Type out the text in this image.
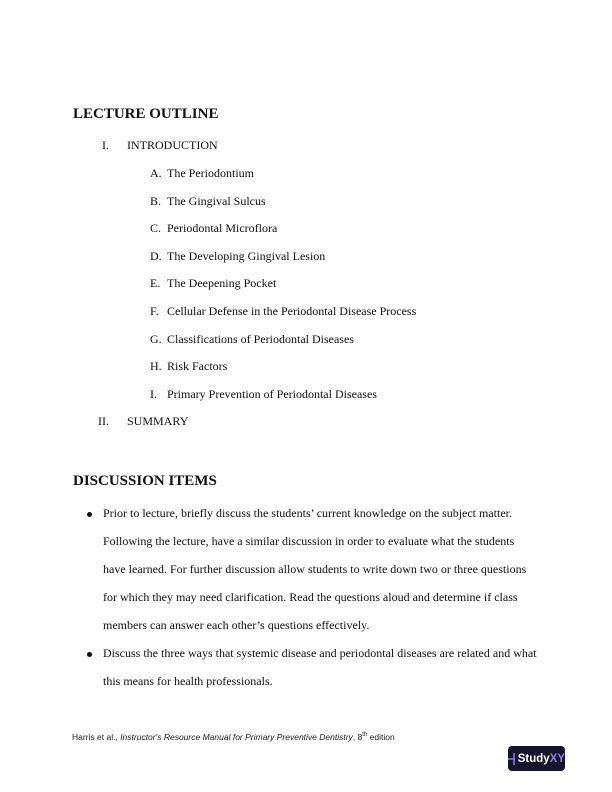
LECTURE OUTLINE
I. INTRODUCTION
A. The Periodontium
B. The Gingival Sulcus
C. Periodontal Microflora
D. The Developing Gingival Lesion
E. The Deepening Pocket
F. Cellular Defense in the Periodontal Disease Process
G. Classifications of Periodontal Diseases
H. Risk Factors
I. Primary Prevention of Periodontal Diseases
II. SUMMARY
DISCUSSION ITEMS
Prior to lecture, briefly discuss the students’ current knowledge on the subject matter.
Following the lecture, have a similar discussion in order to evaluate what the students
have learned. For further discussion allow students to write down two or three questions
for which they may need clarification. Read the questions aloud and determine if class
members can answer each other’s questions effectively.
Discuss the three ways that systemic disease and periodontal diseases are related and what
this means for health professionals.
Harris et al., Instructor's Resource Manual for Primary Preventive Dentistry, 8th edition
StudyXY
